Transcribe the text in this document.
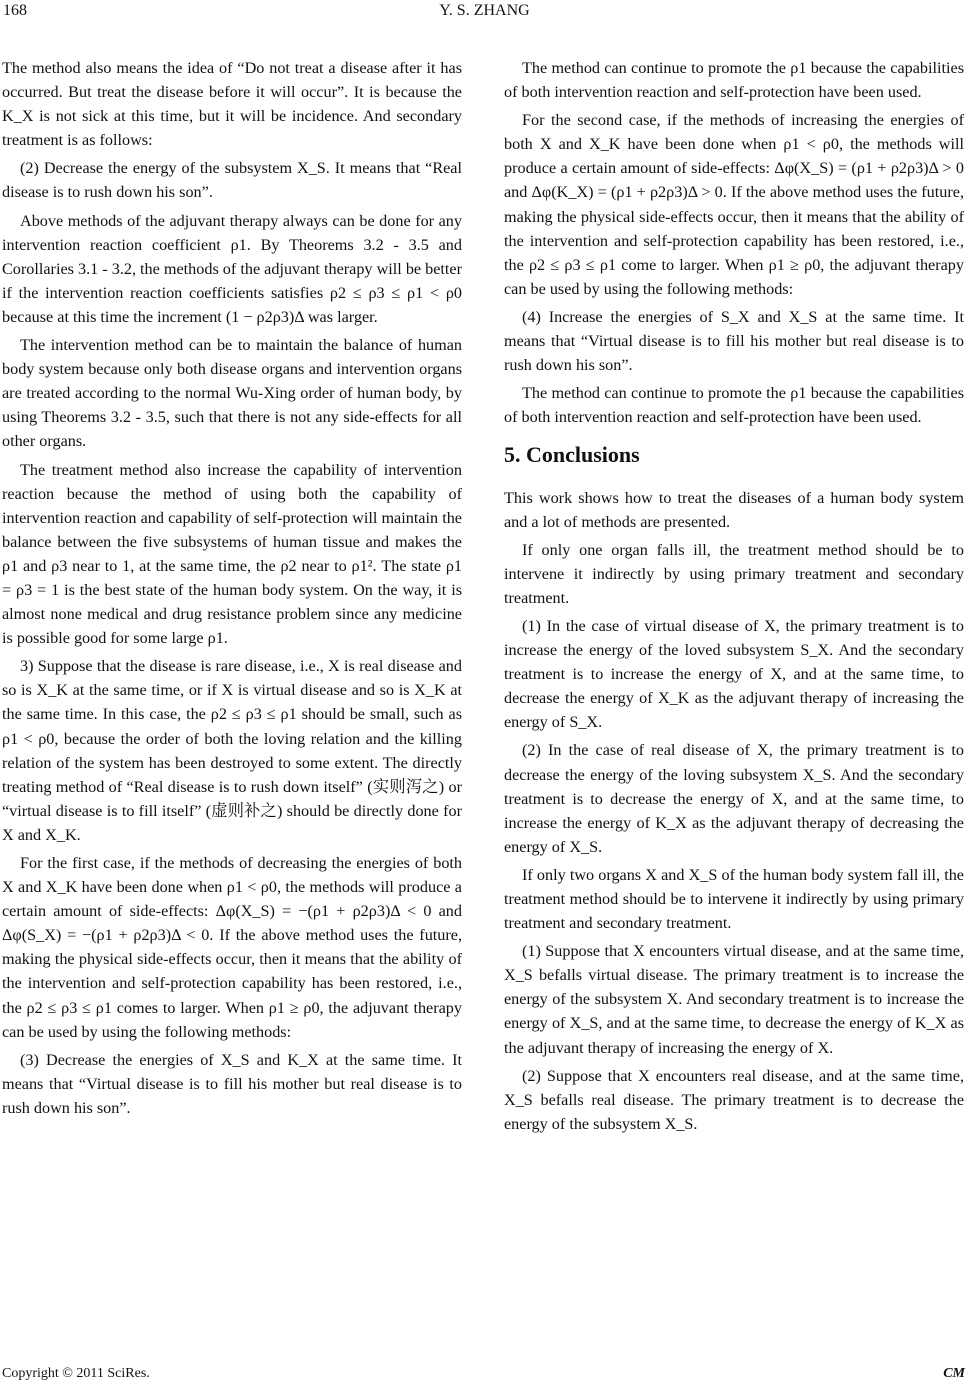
168	Y. S. ZHANG

The method also means the idea of “Do not treat a disease after it has occurred. But treat the disease before it will occur”. It is because the K_X is not sick at this time, but it will be incidence. And secondary treatment is as follows:

(2) Decrease the energy of the subsystem X_S. It means that “Real disease is to rush down his son”.

Above methods of the adjuvant therapy always can be done for any intervention reaction coefficient ρ1. By Theorems 3.2 - 3.5 and Corollaries 3.1 - 3.2, the methods of the adjuvant therapy will be better if the intervention reaction coefficients satisfies ρ2 ≤ ρ3 ≤ ρ1 < ρ0 because at this time the increment (1 − ρ2ρ3)Δ was larger.

The intervention method can be to maintain the balance of human body system because only both disease organs and intervention organs are treated according to the normal Wu-Xing order of human body, by using Theorems 3.2 - 3.5, such that there is not any side-effects for all other organs.

The treatment method also increase the capability of intervention reaction because the method of using both the capability of intervention reaction and capability of self-protection will maintain the balance between the five subsystems of human tissue and makes the ρ1 and ρ3 near to 1, at the same time, the ρ2 near to ρ1². The state ρ1 = ρ3 = 1 is the best state of the human body system. On the way, it is almost none medical and drug resistance problem since any medicine is possible good for some large ρ1.

3) Suppose that the disease is rare disease, i.e., X is real disease and so is X_K at the same time, or if X is virtual disease and so is X_K at the same time. In this case, the ρ2 ≤ ρ3 ≤ ρ1 should be small, such as ρ1 < ρ0, because the order of both the loving relation and the killing relation of the system has been destroyed to some extent. The directly treating method of “Real disease is to rush down itself” (实则泻之) or “virtual disease is to fill itself” (虚则补之) should be directly done for X and X_K.

For the first case, if the methods of decreasing the energies of both X and X_K have been done when ρ1 < ρ0, the methods will produce a certain amount of side-effects: Δφ(X_S) = −(ρ1 + ρ2ρ3)Δ < 0 and Δφ(S_X) = −(ρ1 + ρ2ρ3)Δ < 0. If the above method uses the future, making the physical side-effects occur, then it means that the ability of the intervention and self-protection capability has been restored, i.e., the ρ2 ≤ ρ3 ≤ ρ1 comes to larger. When ρ1 ≥ ρ0, the adjuvant therapy can be used by using the following methods:

(3) Decrease the energies of X_S and K_X at the same time. It means that “Virtual disease is to fill his mother but real disease is to rush down his son”.

The method can continue to promote the ρ1 because the capabilities of both intervention reaction and self-protection have been used.

For the second case, if the methods of increasing the energies of both X and X_K have been done when ρ1 < ρ0, the methods will produce a certain amount of side-effects: Δφ(X_S) = (ρ1 + ρ2ρ3)Δ > 0 and Δφ(K_X) = (ρ1 + ρ2ρ3)Δ > 0. If the above method uses the future, making the physical side-effects occur, then it means that the ability of the intervention and self-protection capability has been restored, i.e., the ρ2 ≤ ρ3 ≤ ρ1 come to larger. When ρ1 ≥ ρ0, the adjuvant therapy can be used by using the following methods:

(4) Increase the energies of S_X and X_S at the same time. It means that “Virtual disease is to fill his mother but real disease is to rush down his son”.

The method can continue to promote the ρ1 because the capabilities of both intervention reaction and self-protection have been used.

5. Conclusions

This work shows how to treat the diseases of a human body system and a lot of methods are presented.

If only one organ falls ill, the treatment method should be to intervene it indirectly by using primary treatment and secondary treatment.

(1) In the case of virtual disease of X, the primary treatment is to increase the energy of the loved subsystem S_X. And the secondary treatment is to increase the energy of X, and at the same time, to decrease the energy of X_K as the adjuvant therapy of increasing the energy of S_X.

(2) In the case of real disease of X, the primary treatment is to decrease the energy of the loving subsystem X_S. And the secondary treatment is to decrease the energy of X, and at the same time, to increase the energy of K_X as the adjuvant therapy of decreasing the energy of X_S.

If only two organs X and X_S of the human body system fall ill, the treatment method should be to intervene it indirectly by using primary treatment and secondary treatment.

(1) Suppose that X encounters virtual disease, and at the same time, X_S befalls virtual disease. The primary treatment is to increase the energy of the subsystem X. And secondary treatment is to increase the energy of X_S, and at the same time, to decrease the energy of K_X as the adjuvant therapy of increasing the energy of X.

(2) Suppose that X encounters real disease, and at the same time, X_S befalls real disease. The primary treatment is to decrease the energy of the subsystem X_S.

Copyright © 2011 SciRes.	CM
